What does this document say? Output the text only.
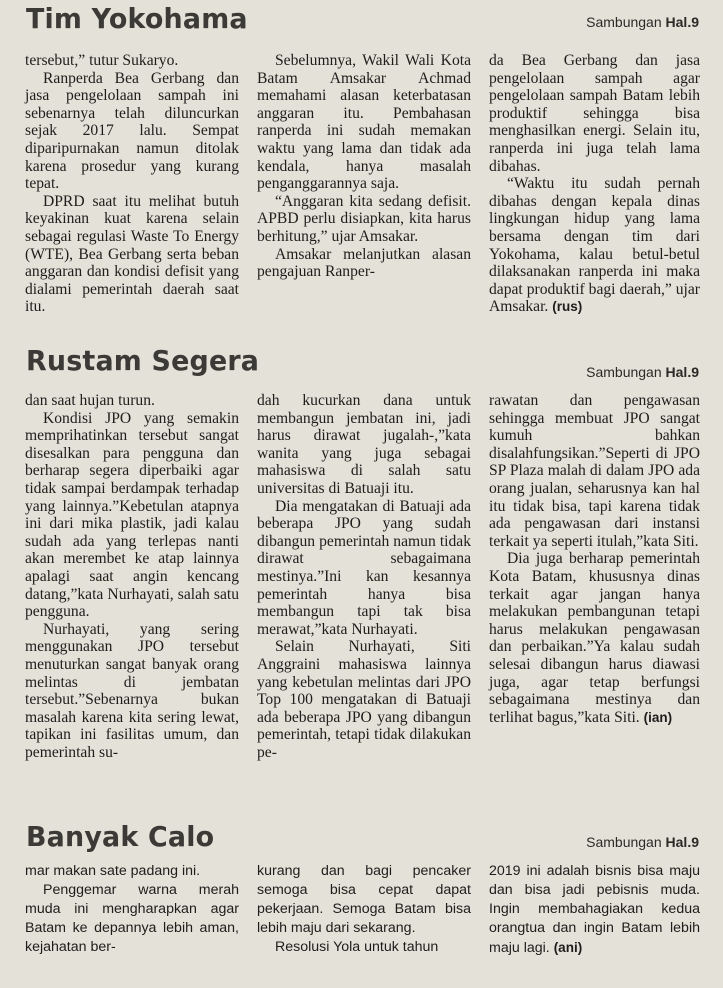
Tim Yokohama	Sambungan Hal.9

tersebut,” tutur Sukaryo.

Ranperda Bea Gerbang dan jasa pengelolaan sampah ini sebenarnya telah diluncurkan sejak 2017 lalu. Sempat diparipurnakan namun ditolak karena prosedur yang kurang tepat.

DPRD saat itu melihat butuh keyakinan kuat karena selain sebagai regulasi Waste To Energy (WTE), Bea Gerbang serta beban anggaran dan kondisi defisit yang dialami pemerintah daerah saat itu.

Sebelumnya, Wakil Wali Kota Batam Amsakar Achmad memahami alasan keterbatasan anggaran itu. Pembahasan ranperda ini sudah memakan waktu yang lama dan tidak ada kendala, hanya masalah penganggarannya saja.

“Anggaran kita sedang defisit. APBD perlu disiapkan, kita harus berhitung,” ujar Amsakar.

Amsakar melanjutkan alasan pengajuan Ranper-

da Bea Gerbang dan jasa pengelolaan sampah agar pengelolaan sampah Batam lebih produktif sehingga bisa menghasilkan energi. Selain itu, ranperda ini juga telah lama dibahas.

“Waktu itu sudah pernah dibahas dengan kepala dinas lingkungan hidup yang lama bersama dengan tim dari Yokohama, kalau betul-betul dilaksanakan ranperda ini maka dapat produktif bagi daerah,” ujar Amsakar. (rus)

Rustam Segera	Sambungan Hal.9

dan saat hujan turun.

Kondisi JPO yang semakin memprihatinkan tersebut sangat disesalkan para pengguna dan berharap segera diperbaiki agar tidak sampai berdampak terhadap yang lainnya.”Kebetulan atapnya ini dari mika plastik, jadi kalau sudah ada yang terlepas nanti akan merembet ke atap lainnya apalagi saat angin kencang datang,”kata Nurhayati, salah satu pengguna.

Nurhayati, yang sering menggunakan JPO tersebut menuturkan sangat banyak orang melintas di jembatan tersebut.”Sebenarnya bukan masalah karena kita sering lewat, tapikan ini fasilitas umum, dan pemerintah su-

dah kucurkan dana untuk membangun jembatan ini, jadi harus dirawat jugalah-,”kata wanita yang juga sebagai mahasiswa di salah satu universitas di Batuaji itu.

Dia mengatakan di Batuaji ada beberapa JPO yang sudah dibangun pemerintah namun tidak dirawat sebagaimana mestinya.”Ini kan kesannya pemerintah hanya bisa membangun tapi tak bisa merawat,”kata Nurhayati.

Selain Nurhayati, Siti Anggraini mahasiswa lainnya yang kebetulan melintas dari JPO Top 100 mengatakan di Batuaji ada beberapa JPO yang dibangun pemerintah, tetapi tidak dilakukan pe-

rawatan dan pengawasan sehingga membuat JPO sangat kumuh bahkan disalahfungsikan.”Seperti di JPO SP Plaza malah di dalam JPO ada orang jualan, seharusnya kan hal itu tidak bisa, tapi karena tidak ada pengawasan dari instansi terkait ya seperti itulah,”kata Siti.

Dia juga berharap pemerintah Kota Batam, khususnya dinas terkait agar jangan hanya melakukan pembangunan tetapi harus melakukan pengawasan dan perbaikan.”Ya kalau sudah selesai dibangun harus diawasi juga, agar tetap berfungsi sebagaimana mestinya dan terlihat bagus,”kata Siti. (ian)

Banyak Calo	Sambungan Hal.9

mar makan sate padang ini.

Penggemar warna merah muda ini mengharapkan agar Batam ke depannya lebih aman, kejahatan ber-

kurang dan bagi pencaker semoga bisa cepat dapat pekerjaan. Semoga Batam bisa lebih maju dari sekarang.

Resolusi Yola untuk tahun

2019 ini adalah bisnis bisa maju dan bisa jadi pebisnis muda. Ingin membahagiakan kedua orangtua dan ingin Batam lebih maju lagi. (ani)
